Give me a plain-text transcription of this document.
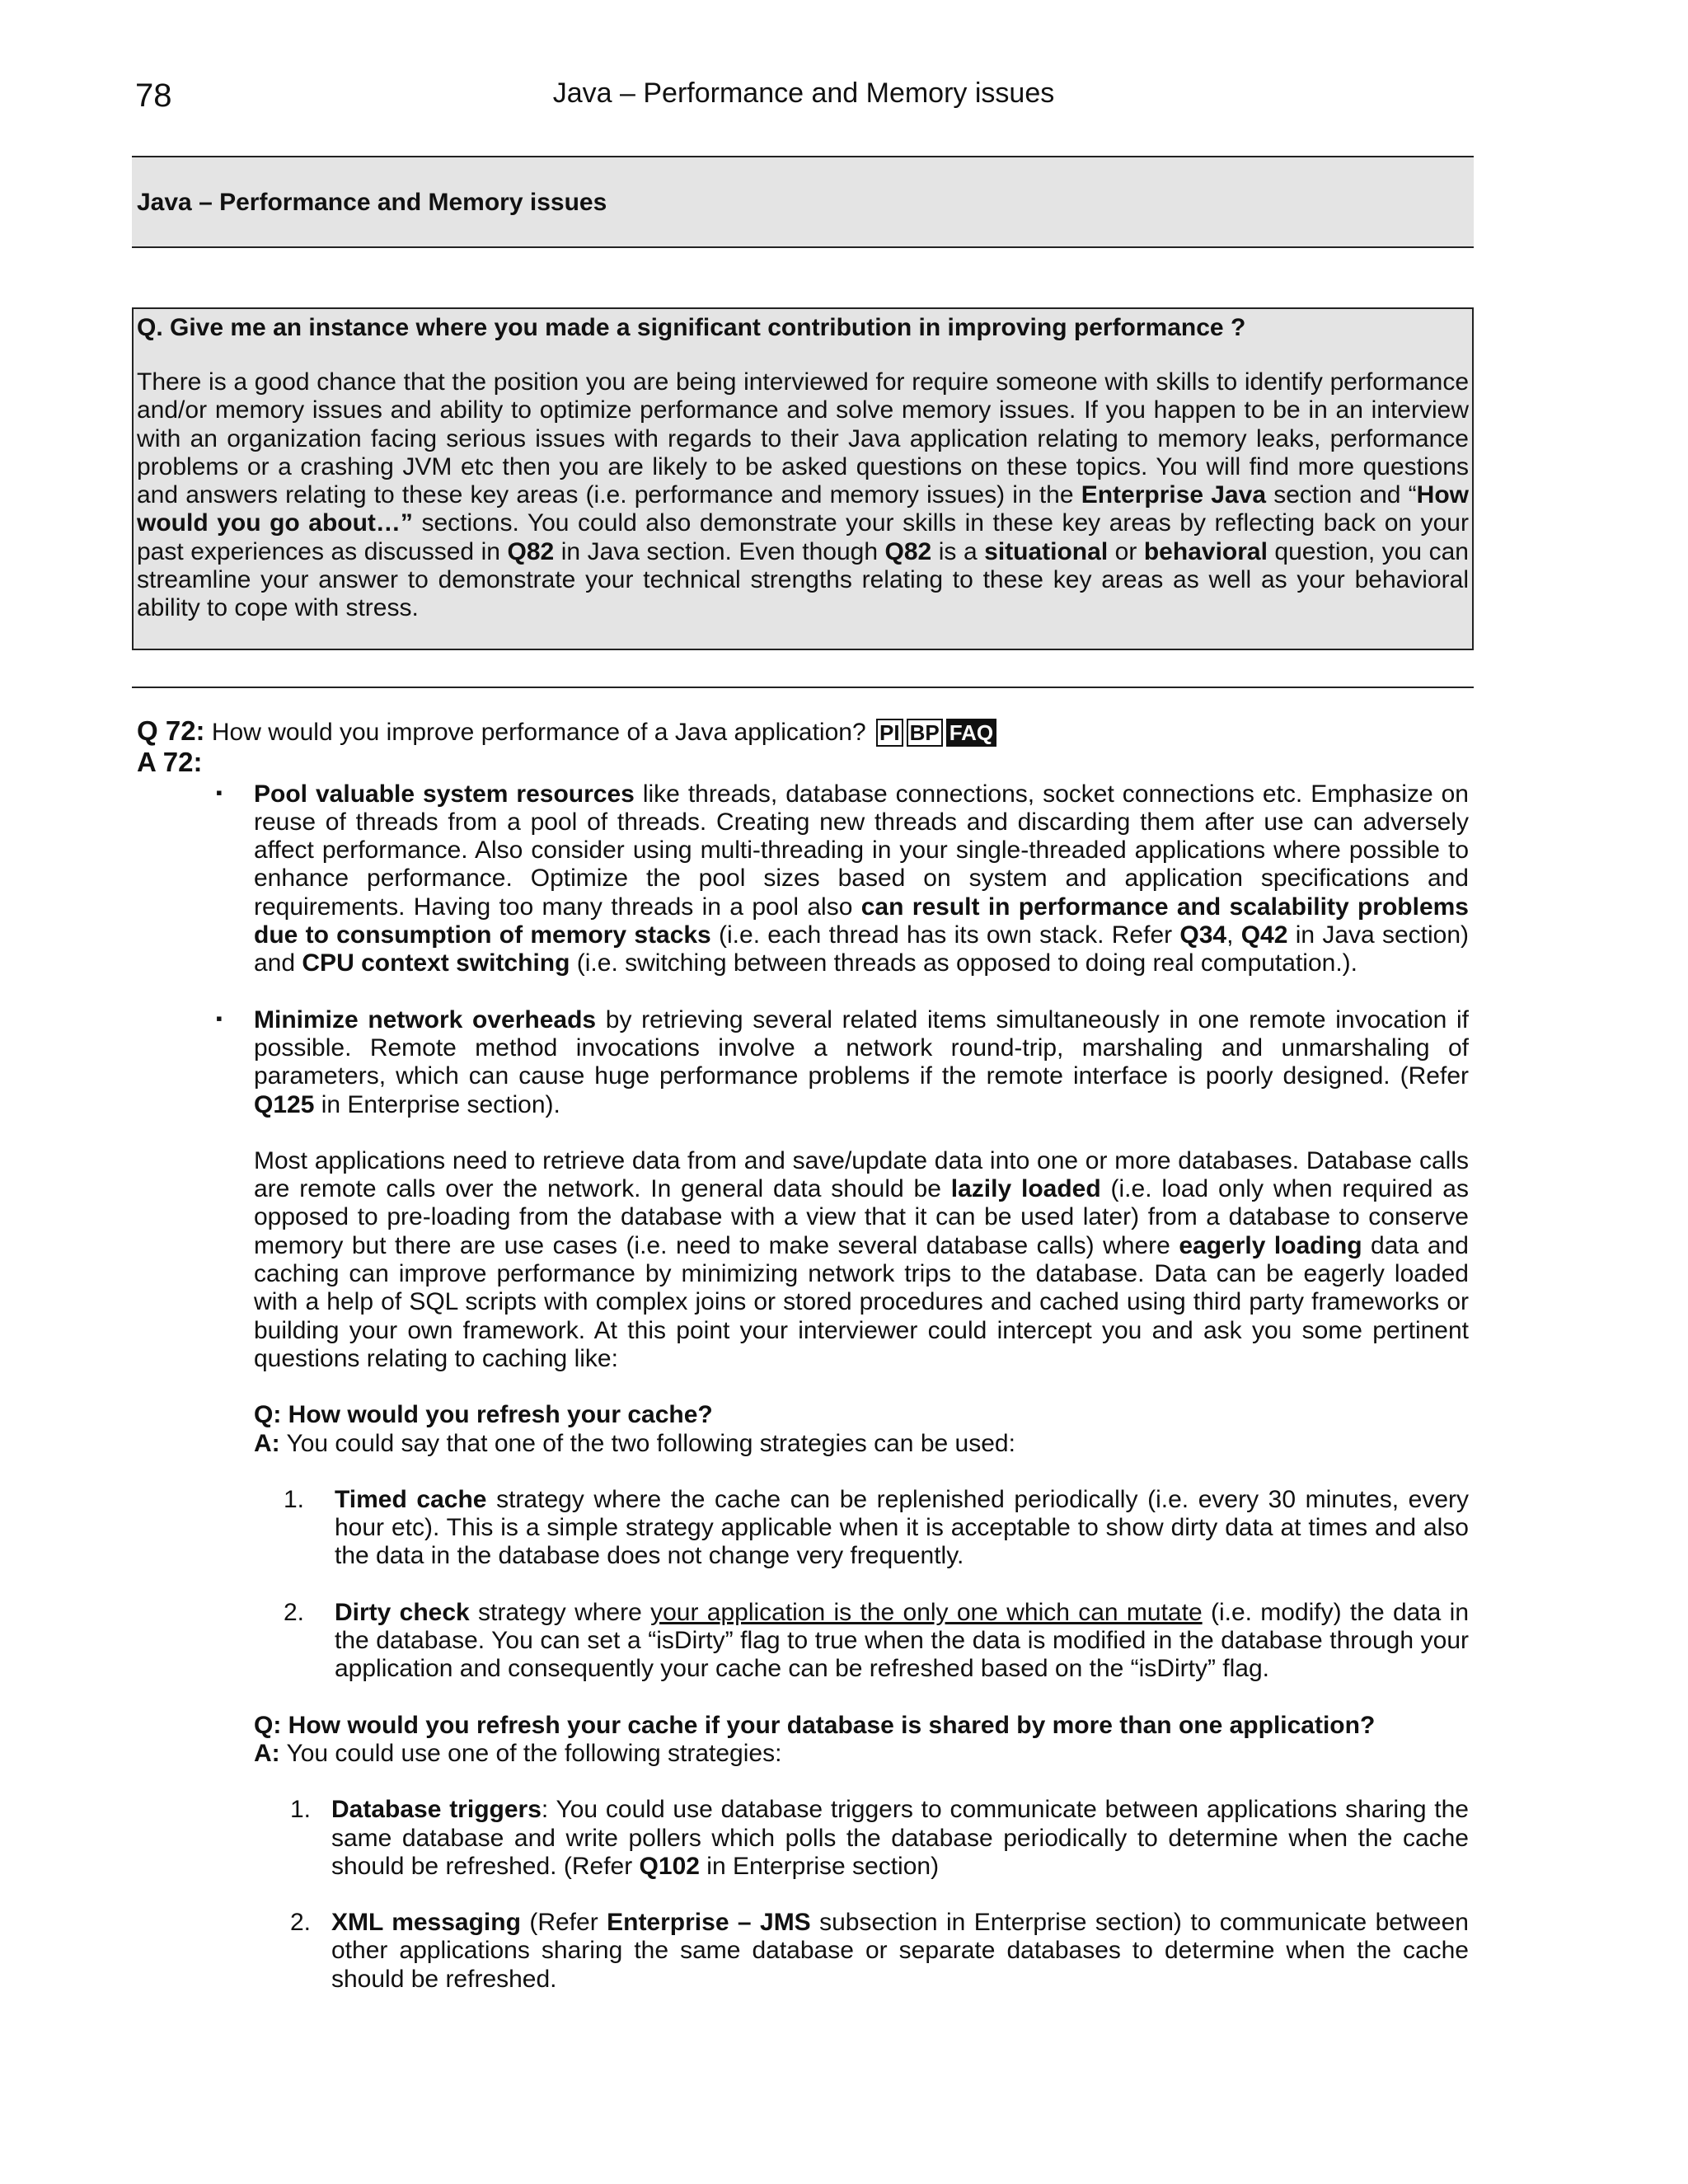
78	Java – Performance and Memory issues
Java – Performance and Memory issues
Q. Give me an instance where you made a significant contribution in improving performance ?
There is a good chance that the position you are being interviewed for require someone with skills to identify performance and/or memory issues and ability to optimize performance and solve memory issues. If you happen to be in an interview with an organization facing serious issues with regards to their Java application relating to memory leaks, performance problems or a crashing JVM etc then you are likely to be asked questions on these topics. You will find more questions and answers relating to these key areas (i.e. performance and memory issues) in the Enterprise Java section and “How would you go about…” sections. You could also demonstrate your skills in these key areas by reflecting back on your past experiences as discussed in Q82 in Java section. Even though Q82 is a situational or behavioral question, you can streamline your answer to demonstrate your technical strengths relating to these key areas as well as your behavioral ability to cope with stress.
Q 72: How would you improve performance of a Java application? PI BP FAQ
A 72:
▪ Pool valuable system resources like threads, database connections, socket connections etc. Emphasize on reuse of threads from a pool of threads. Creating new threads and discarding them after use can adversely affect performance. Also consider using multi-threading in your single-threaded applications where possible to enhance performance. Optimize the pool sizes based on system and application specifications and requirements. Having too many threads in a pool also can result in performance and scalability problems due to consumption of memory stacks (i.e. each thread has its own stack. Refer Q34, Q42 in Java section) and CPU context switching (i.e. switching between threads as opposed to doing real computation.).
▪ Minimize network overheads by retrieving several related items simultaneously in one remote invocation if possible. Remote method invocations involve a network round-trip, marshaling and unmarshaling of parameters, which can cause huge performance problems if the remote interface is poorly designed. (Refer Q125 in Enterprise section).
Most applications need to retrieve data from and save/update data into one or more databases. Database calls are remote calls over the network. In general data should be lazily loaded (i.e. load only when required as opposed to pre-loading from the database with a view that it can be used later) from a database to conserve memory but there are use cases (i.e. need to make several database calls) where eagerly loading data and caching can improve performance by minimizing network trips to the database. Data can be eagerly loaded with a help of SQL scripts with complex joins or stored procedures and cached using third party frameworks or building your own framework. At this point your interviewer could intercept you and ask you some pertinent questions relating to caching like:
Q: How would you refresh your cache?
A: You could say that one of the two following strategies can be used:
1. Timed cache strategy where the cache can be replenished periodically (i.e. every 30 minutes, every hour etc). This is a simple strategy applicable when it is acceptable to show dirty data at times and also the data in the database does not change very frequently.
2. Dirty check strategy where your application is the only one which can mutate (i.e. modify) the data in the database. You can set a “isDirty” flag to true when the data is modified in the database through your application and consequently your cache can be refreshed based on the “isDirty” flag.
Q: How would you refresh your cache if your database is shared by more than one application?
A: You could use one of the following strategies:
1. Database triggers: You could use database triggers to communicate between applications sharing the same database and write pollers which polls the database periodically to determine when the cache should be refreshed. (Refer Q102 in Enterprise section)
2. XML messaging (Refer Enterprise – JMS subsection in Enterprise section) to communicate between other applications sharing the same database or separate databases to determine when the cache should be refreshed.
